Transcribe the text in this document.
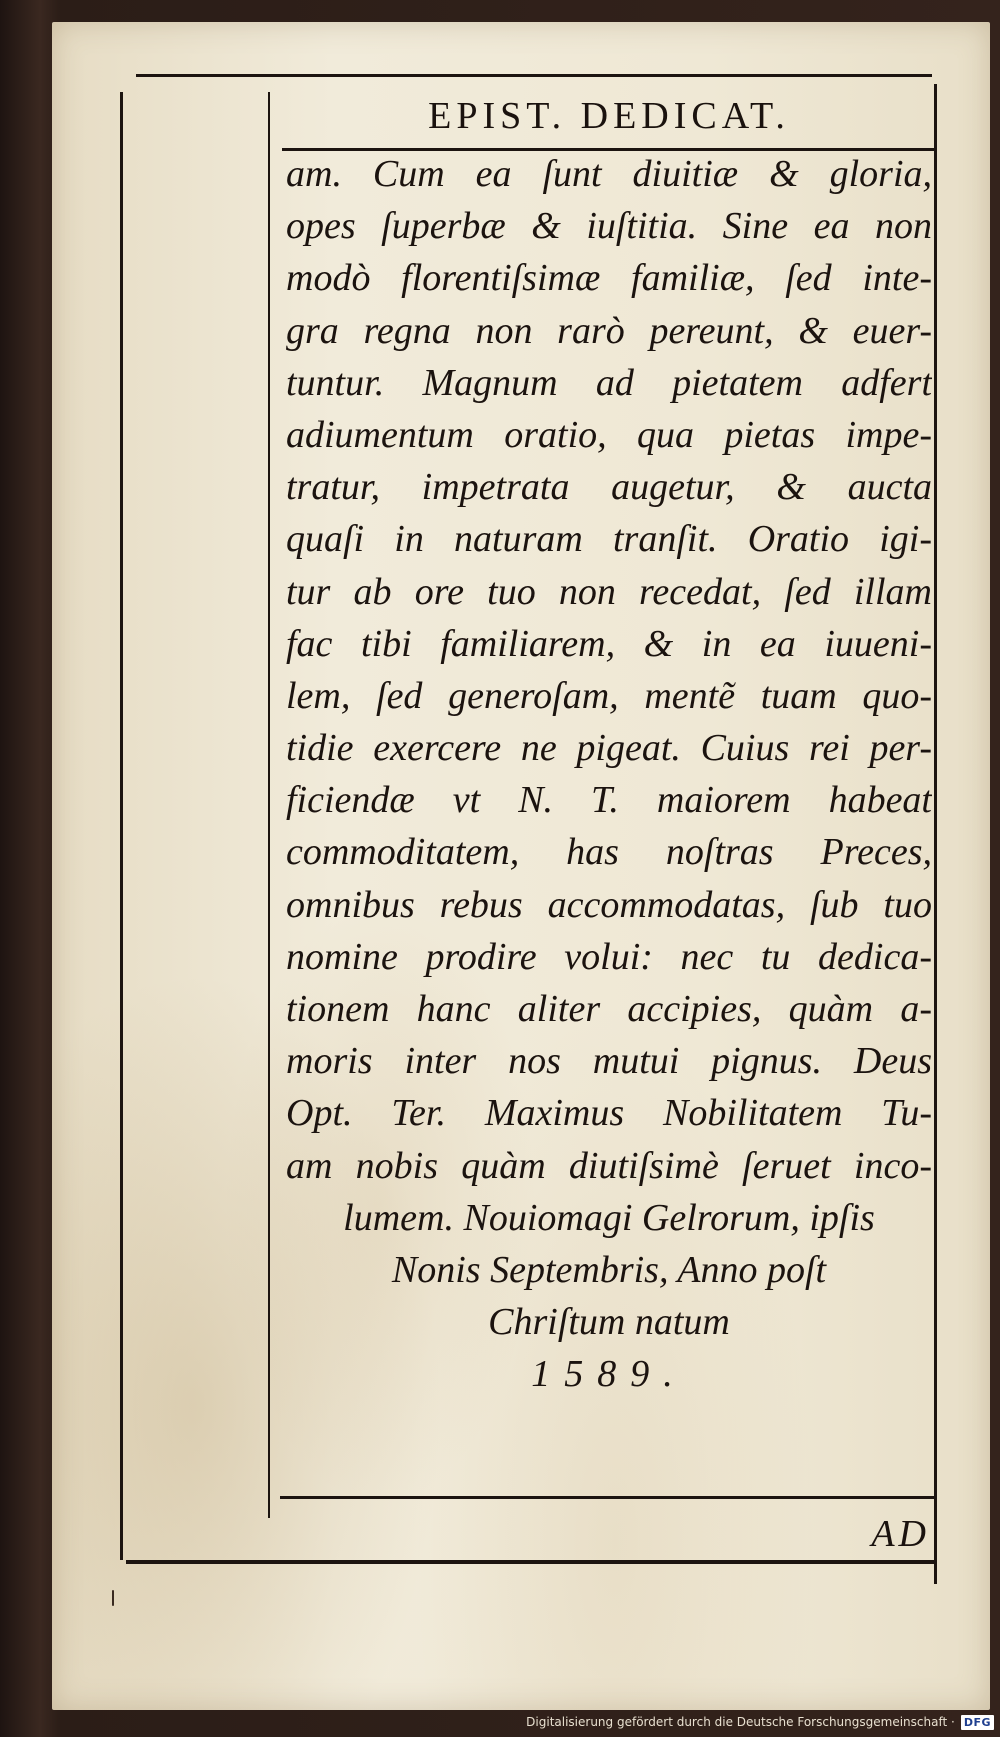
EPIST. DEDICAT.
am. Cum ea ſunt diuitiæ & gloria,
opes ſuperbæ & iuſtitia. Sine ea non
modò florentiſsimæ familiæ, ſed inte-
gra regna non rarò pereunt, & euer-
tuntur. Magnum ad pietatem adfert
adiumentum oratio, qua pietas impe-
tratur, impetrata augetur, & aucta
quaſi in naturam tranſit. Oratio igi-
tur ab ore tuo non recedat, ſed illam
fac tibi familiarem, & in ea iuueni-
lem, ſed generoſam, mentẽ tuam quo-
tidie exercere ne pigeat. Cuius rei per-
ficiendæ vt N. T. maiorem habeat
commoditatem, has noſtras Preces,
omnibus rebus accommodatas, ſub tuo
nomine prodire volui: nec tu dedica-
tionem hanc aliter accipies, quàm a-
moris inter nos mutui pignus. Deus
Opt. Ter. Maximus Nobilitatem Tu-
am nobis quàm diutiſsimè ſeruet inco-
lumem. Nouiomagi Gelrorum, ipſis
Nonis Septembris, Anno poſt
Chriſtum natum
1589.
AD
Digitalisierung gefördert durch die Deutsche Forschungsgemeinschaft · DFG
